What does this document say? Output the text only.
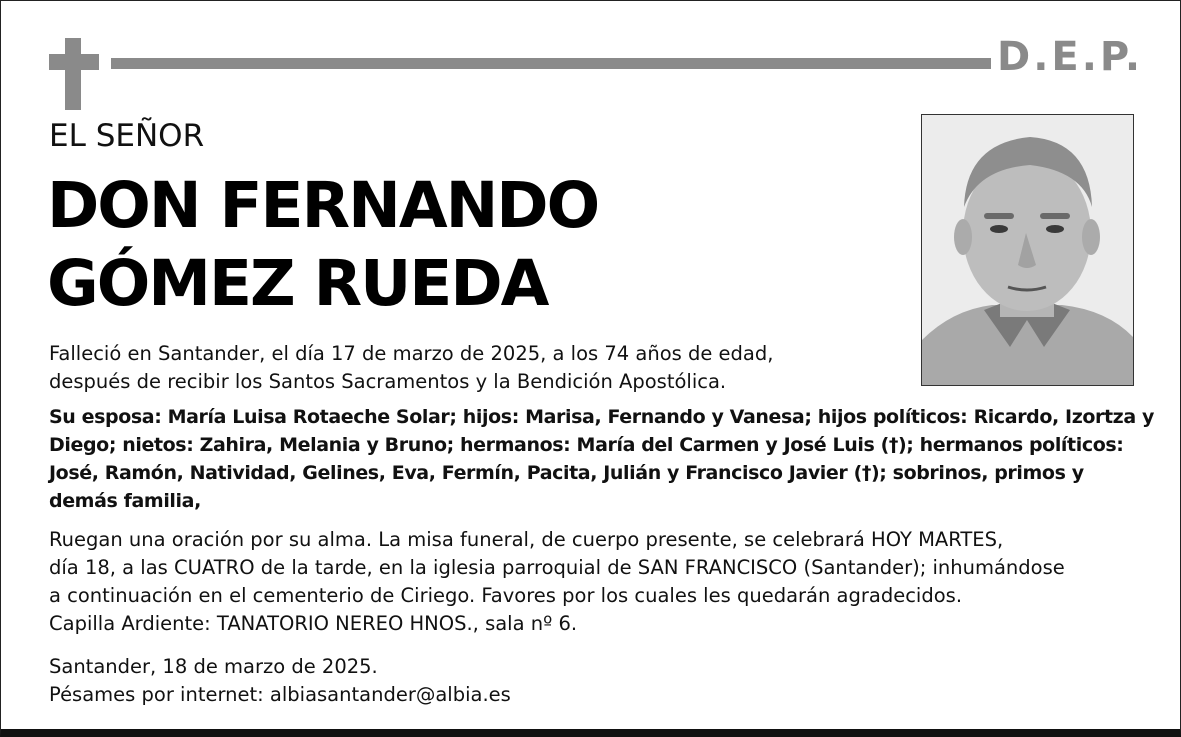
D.E.P.
EL SEÑOR
DON FERNANDO
GÓMEZ RUEDA
Falleció en Santander, el día 17 de marzo de 2025, a los 74 años de edad,
después de recibir los Santos Sacramentos y la Bendición Apostólica.
Su esposa: María Luisa Rotaeche Solar; hijos: Marisa, Fernando y Vanesa; hijos políticos: Ricardo, Izortza y
Diego; nietos: Zahira, Melania y Bruno; hermanos: María del Carmen y José Luis (†); hermanos políticos:
José, Ramón, Natividad, Gelines, Eva, Fermín, Pacita, Julián y Francisco Javier (†); sobrinos, primos y
demás familia,
Ruegan una oración por su alma. La misa funeral, de cuerpo presente, se celebrará HOY MARTES,
día 18, a las CUATRO de la tarde, en la iglesia parroquial de SAN FRANCISCO (Santander); inhumándose
a continuación en el cementerio de Ciriego. Favores por los cuales les quedarán agradecidos.
Capilla Ardiente: TANATORIO NEREO HNOS., sala nº 6.
Santander, 18 de marzo de 2025.
Pésames por internet: albiasantander@albia.es
